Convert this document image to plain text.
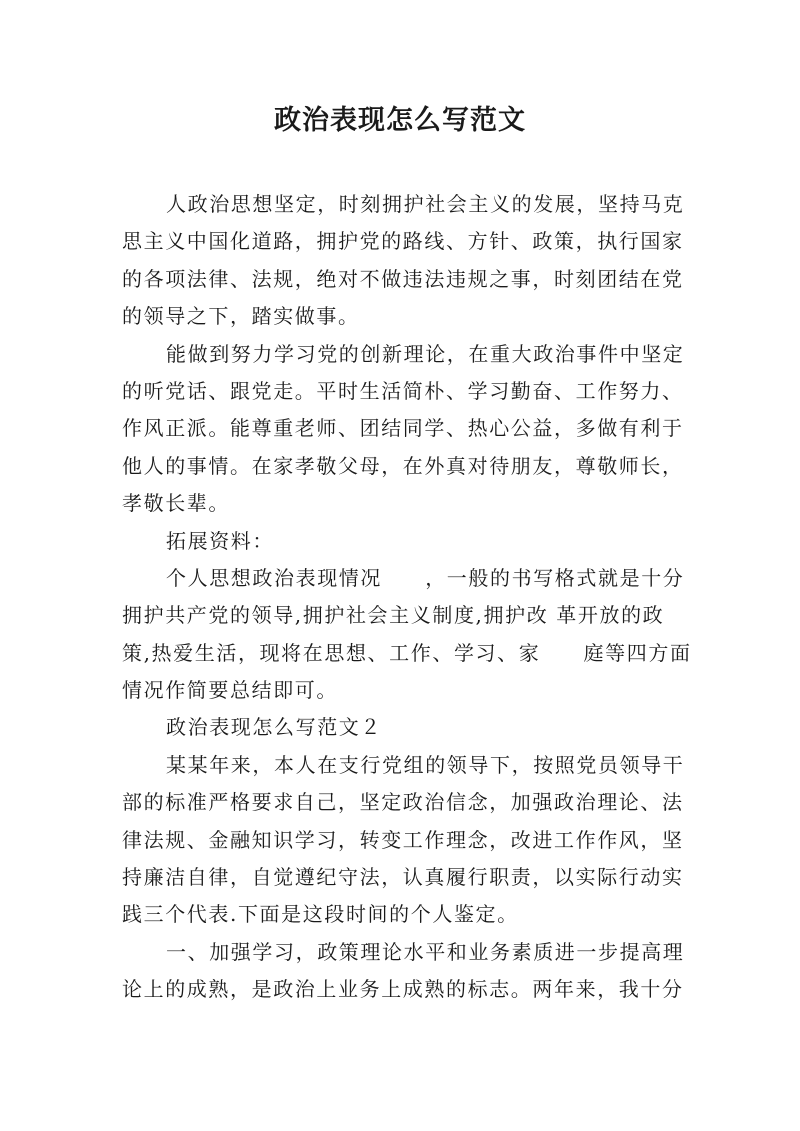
政治表现怎么写范文

人政治思想坚定，时刻拥护社会主义的发展，坚持马克
思主义中国化道路，拥护党的路线、方针、政策，执行国家
的各项法律、法规，绝对不做违法违规之事，时刻团结在党
的领导之下，踏实做事。

能做到努力学习党的创新理论，在重大政治事件中坚定
的听党话、跟党走。平时生活简朴、学习勤奋、工作努力、
作风正派。能尊重老师、团结同学、热心公益，多做有利于
他人的事情。在家孝敬父母，在外真对待朋友，尊敬师长，
孝敬长辈。

拓展资料：

个人思想政治表现情况　　，一般的书写格式就是十分
拥护共产党的领导,拥护社会主义制度,拥护改 革开放的政
策,热爱生活，现将在思想、工作、学习、家　　庭等四方面
情况作简要总结即可。

政治表现怎么写范文２

某某年来，本人在支行党组的领导下，按照党员领导干
部的标准严格要求自己，坚定政治信念，加强政治理论、法
律法规、金融知识学习，转变工作理念，改进工作作风，坚
持廉洁自律，自觉遵纪守法，认真履行职责，以实际行动实
践三个代表.下面是这段时间的个人鉴定。

一、加强学习，政策理论水平和业务素质进一步提高理
论上的成熟，是政治上业务上成熟的标志。两年来，我十分
